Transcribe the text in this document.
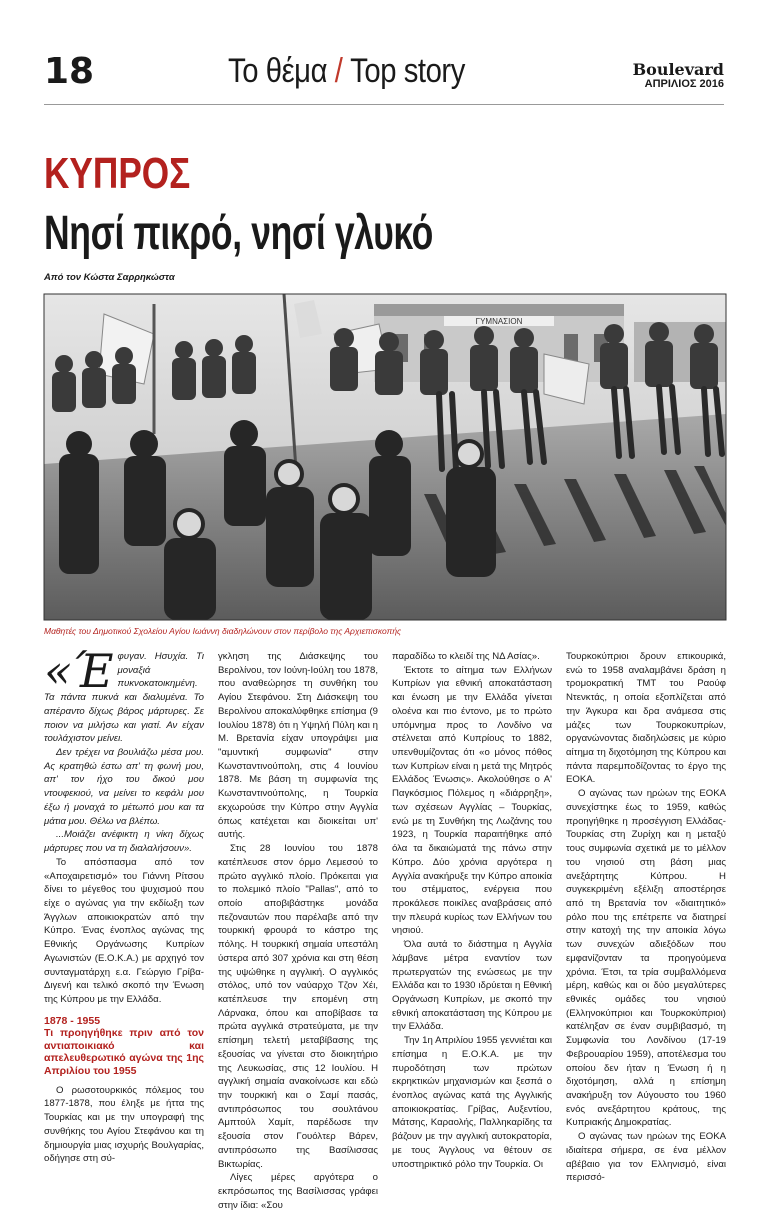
18	Το θέμα / Top story	Boulevard
ΑΠΡΙΛΙΟΣ 2016
ΚΥΠΡΟΣ
Νησί πικρό, νησί γλυκό
Από τον Κώστα Σαρρηκώστα
ΓΥΜΝΑΣΙΟΝ
Μαθητές του Δημοτικού Σχολείου Αγίου Ιωάννη διαδηλώνουν στον περίβολο της Αρχιεπισκοπής

«Έφυγαν. Ησυχία. Τι μοναξιά πυκνοκατοικημένη. Τα πάντα πυκνά και διαλυμένα. Το απέραντο δίχως βάρος μάρτυρες. Σε ποιον να μιλήσω και γιατί. Αν είχαν τουλάχιστον μείνει.

Δεν τρέχει να βουλιάζω μέσα μου. Ας κρατηθώ έστω απ' τη φωνή μου, απ' τον ήχο του δικού μου ντουφεκιού, να μείνει το κεφάλι μου έξω ή μοναχά το μέτωπό μου και τα μάτια μου. Θέλω να βλέπω.

...Μοιάζει ανέφικτη η νίκη δίχως μάρτυρες που να τη διαλαλήσουν».

Το απόσπασμα από τον «Αποχαιρετισμό» του Γιάννη Ρίτσου δίνει το μέγεθος του ψυχισμού που είχε ο αγώνας για την εκδίωξη των Άγγλων αποικιοκρατών από την Κύπρο. Ένας ένοπλος αγώνας της Εθνικής Οργάνωσης Κυπρίων Αγωνιστών (Ε.Ο.Κ.Α.) με αρχηγό τον συνταγματάρχη ε.α. Γεώργιο Γρίβα-Διγενή και τελικό σκοπό την Ένωση της Κύπρου με την Ελλάδα.

1878 - 1955
Τι προηγήθηκε πριν από τον αντιαποικιακό και απελευθερωτικό αγώνα της 1ης Απριλίου του 1955

Ο ρωσοτουρκικός πόλεμος του 1877-1878, που έληξε με ήττα της Τουρκίας και με την υπογραφή της συνθήκης του Αγίου Στεφάνου και τη δημιουργία μιας ισχυρής Βουλγαρίας, οδήγησε στη σύ-

γκληση της Διάσκεψης του Βερολίνου, τον Ιούνη-Ιούλη του 1878, που αναθεώρησε τη συνθήκη του Αγίου Στεφάνου. Στη Διάσκεψη του Βερολίνου αποκαλύφθηκε επίσημα (9 Ιουλίου 1878) ότι η Υψηλή Πύλη και η Μ. Βρετανία είχαν υπογράψει μια "αμυντική συμφωνία" στην Κωνσταντινούπολη, στις 4 Ιουνίου 1878. Με βάση τη συμφωνία της Κωνσταντινούπολης, η Τουρκία εκχωρούσε την Κύπρο στην Αγγλία όπως κατέχεται και διοικείται υπ' αυτής.

Στις 28 Ιουνίου του 1878 κατέπλευσε στον όρμο Λεμεσού το πρώτο αγγλικό πλοίο. Πρόκειται για το πολεμικό πλοίο "Pallas", από το οποίο αποβιβάστηκε μονάδα πεζοναυτών που παρέλαβε από την τουρκική φρουρά το κάστρο της πόλης. Η τουρκική σημαία υπεστάλη ύστερα από 307 χρόνια και στη θέση της υψώθηκε η αγγλική. Ο αγγλικός στόλος, υπό τον ναύαρχο Τζον Χέι, κατέπλευσε την επομένη στη Λάρνακα, όπου και αποβίβασε τα πρώτα αγγλικά στρατεύματα, με την επίσημη τελετή μεταβίβασης της εξουσίας να γίνεται στο διοικητήριο της Λευκωσίας, στις 12 Ιουλίου. Η αγγλική σημαία ανακοίνωσε και εδώ την τουρκική και ο Σαμί πασάς, αντιπρόσωπος του σουλτάνου Αμπτούλ Χαμίτ, παρέδωσε την εξουσία στον Γουόλτερ Βάρεν, αντιπρόσωπο της Βασίλισσας Βικτωρίας.

Λίγες μέρες αργότερα ο εκπρόσωπος της Βασίλισσας γράφει στην ίδια: «Σου

παραδίδω το κλειδί της ΝΔ Ασίας».

Έκτοτε το αίτημα των Ελλήνων Κυπρίων για εθνική αποκατάσταση και ένωση με την Ελλάδα γίνεται ολοένα και πιο έντονο, με το πρώτο υπόμνημα προς το Λονδίνο να στέλνεται από Κυπρίους το 1882, υπενθυμίζοντας ότι «ο μόνος πόθος των Κυπρίων είναι η μετά της Μητρός Ελλάδος Ένωσις». Ακολούθησε ο Α' Παγκόσμιος Πόλεμος η «διάρρηξη», των σχέσεων Αγγλίας – Τουρκίας, ενώ με τη Συνθήκη της Λωζάνης του 1923, η Τουρκία παραιτήθηκε από όλα τα δικαιώματά της πάνω στην Κύπρο. Δύο χρόνια αργότερα η Αγγλία ανακήρυξε την Κύπρο αποικία του στέμματος, ενέργεια που προκάλεσε ποικίλες αναβράσεις από την πλευρά κυρίως των Ελλήνων του νησιού.

Όλα αυτά το διάστημα η Αγγλία λάμβανε μέτρα εναντίον των πρωτεργατών της ενώσεως με την Ελλάδα και το 1930 ιδρύεται η Εθνική Οργάνωση Κυπρίων, με σκοπό την εθνική αποκατάσταση της Κύπρου με την Ελλάδα.

Την 1η Απριλίου 1955 γεννιέται και επίσημα η Ε.Ο.Κ.Α. με την πυροδότηση των πρώτων εκρηκτικών μηχανισμών και ξεσπά ο ένοπλος αγώνας κατά της Αγγλικής αποικιοκρατίας. Γρίβας, Αυξεντίου, Μάτσης, Καραολής, Παλληκαρίδης τα βάζουν με την αγγλική αυτοκρατορία, με τους Άγγλους να θέτουν σε υποστηρικτικό ρόλο την Τουρκία. Οι

Τουρκοκύπριοι δρουν επικουρικά, ενώ το 1958 αναλαμβάνει δράση η τρομοκρατική ΤΜΤ του Ραούφ Ντενκτάς, η οποία εξοπλίζεται από την Άγκυρα και δρα ανάμεσα στις μάζες των Τουρκοκυπρίων, οργανώνοντας διαδηλώσεις με κύριο αίτημα τη διχοτόμηση της Κύπρου και πάντα παρεμποδίζοντας το έργο της ΕΟΚΑ.

Ο αγώνας των ηρώων της ΕΟΚΑ συνεχίστηκε έως το 1959, καθώς προηγήθηκε η προσέγγιση Ελλάδας-Τουρκίας στη Ζυρίχη και η μεταξύ τους συμφωνία σχετικά με το μέλλον του νησιού στη βάση μιας ανεξάρτητης Κύπρου. Η συγκεκριμένη εξέλιξη αποστέρησε από τη Βρετανία τον «διαιτητικό» ρόλο που της επέτρεπε να διατηρεί στην κατοχή της την αποικία λόγω των συνεχών αδιεξόδων που εμφανίζονταν τα προηγούμενα χρόνια. Έτσι, τα τρία συμβαλλόμενα μέρη, καθώς και οι δύο μεγαλύτερες εθνικές ομάδες του νησιού (Ελληνοκύπριοι και Τουρκοκύπριοι) κατέληξαν σε έναν συμβιβασμό, τη Συμφωνία του Λονδίνου (17-19 Φεβρουαρίου 1959), αποτέλεσμα του οποίου δεν ήταν η Ένωση ή η διχοτόμηση, αλλά η επίσημη ανακήρυξη τον Αύγουστο του 1960 ενός ανεξάρτητου κράτους, της Κυπριακής Δημοκρατίας.

Ο αγώνας των ηρώων της ΕΟΚΑ ιδιαίτερα σήμερα, σε ένα μέλλον αβέβαιο για τον Ελληνισμό, είναι περισσό-
